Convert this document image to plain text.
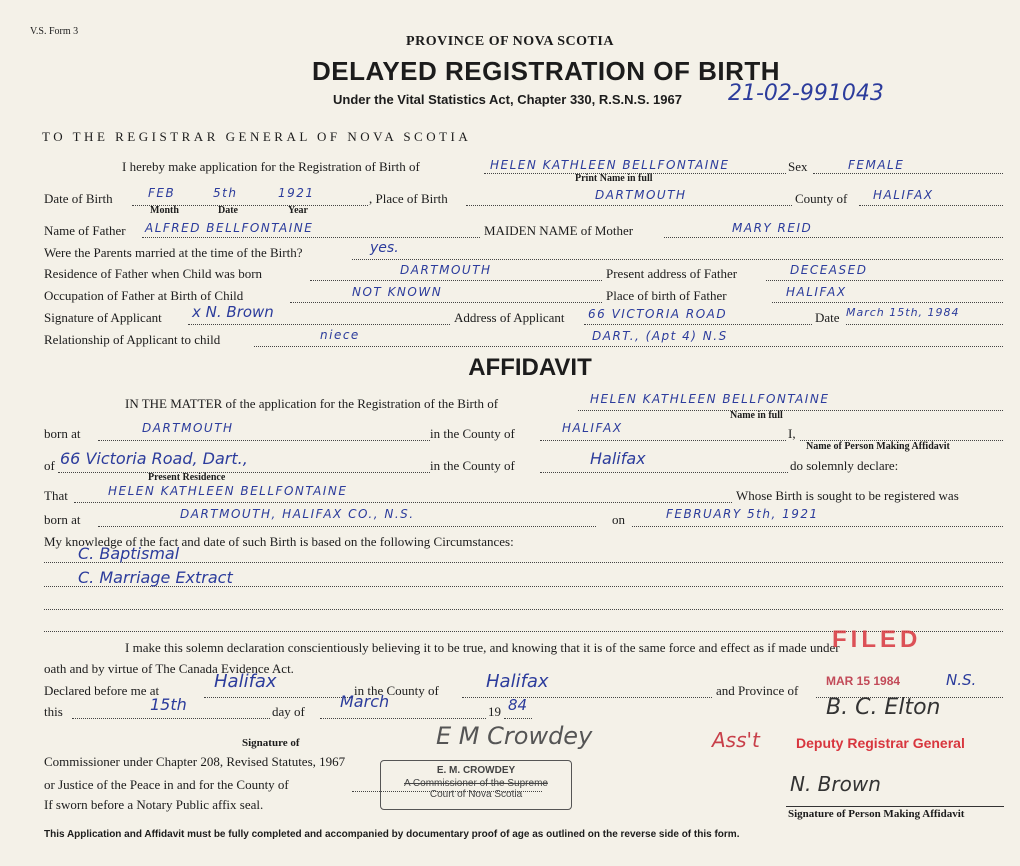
V.S. Form 3
PROVINCE OF NOVA SCOTIA
DELAYED REGISTRATION OF BIRTH
Under the Vital Statistics Act, Chapter 330, R.S.N.S. 1967 21-02-991043
TO THE REGISTRAR GENERAL OF NOVA SCOTIA
I hereby make application for the Registration of Birth of	HELEN KATHLEEN BELLFONTAINE
Print Name in full
Sex	FEMALE
Date of Birth	FEB	5th	1921
Month	Date	Year
, Place of Birth	DARTMOUTH	County of HALIFAX
Name of Father ALFRED BELLFONTAINE	MAIDEN NAME of Mother	MARY REID
Were the Parents married at the time of the Birth?	yes.
Residence of Father when Child was born	DARTMOUTH	Present address of Father	DECEASED
Occupation of Father at Birth of Child	NOT KNOWN	Place of birth of Father	HALIFAX
Signature of Applicant x N. Brown	Address of Applicant 66 VICTORIA ROAD	Date March 15th, 1984
Relationship of Applicant to child	niece	DART., (Apt 4) N.S
AFFIDAVIT
IN THE MATTER of the application for the Registration of the Birth of	HELEN KATHLEEN BELLFONTAINE
Name in full
born at	DARTMOUTH	in the County of	HALIFAX	I,
Name of Person Making Affidavit
of 66 Victoria Road, Dart.,
Present Residence
in the County of	Halifax	do solemnly declare:
That	HELEN KATHLEEN BELLFONTAINE	Whose Birth is sought to be registered was
born at	DARTMOUTH, HALIFAX CO., N.S.	on	FEBRUARY 5th, 1921
My knowledge of the fact and date of such Birth is based on the following Circumstances:
C. Baptismal
C. Marriage Extract
I make this solemn declaration conscientiously believing it to be true, and knowing that it is of the same force and effect as if made under
oath and by virtue of The Canada Evidence Act.
Declared before me at	Halifax	in the County of	Halifax	and Province of
N.S.
this	15th	day of
March
19 84
Signature of
Commissioner under Chapter 208, Revised Statutes, 1967
or Justice of the Peace in and for the County of
If sworn before a Notary Public affix seal.
E M Crowdey
E. M. CROWDEY
A Commissioner of the Supreme
Court of Nova Scotia
B. C. Elton
Ass't	Deputy Registrar General
FILED
MAR 15 1984
N. Brown
Signature of Person Making Affidavit
This Application and Affidavit must be fully completed and accompanied by documentary proof of age as outlined on the reverse side of this form.
